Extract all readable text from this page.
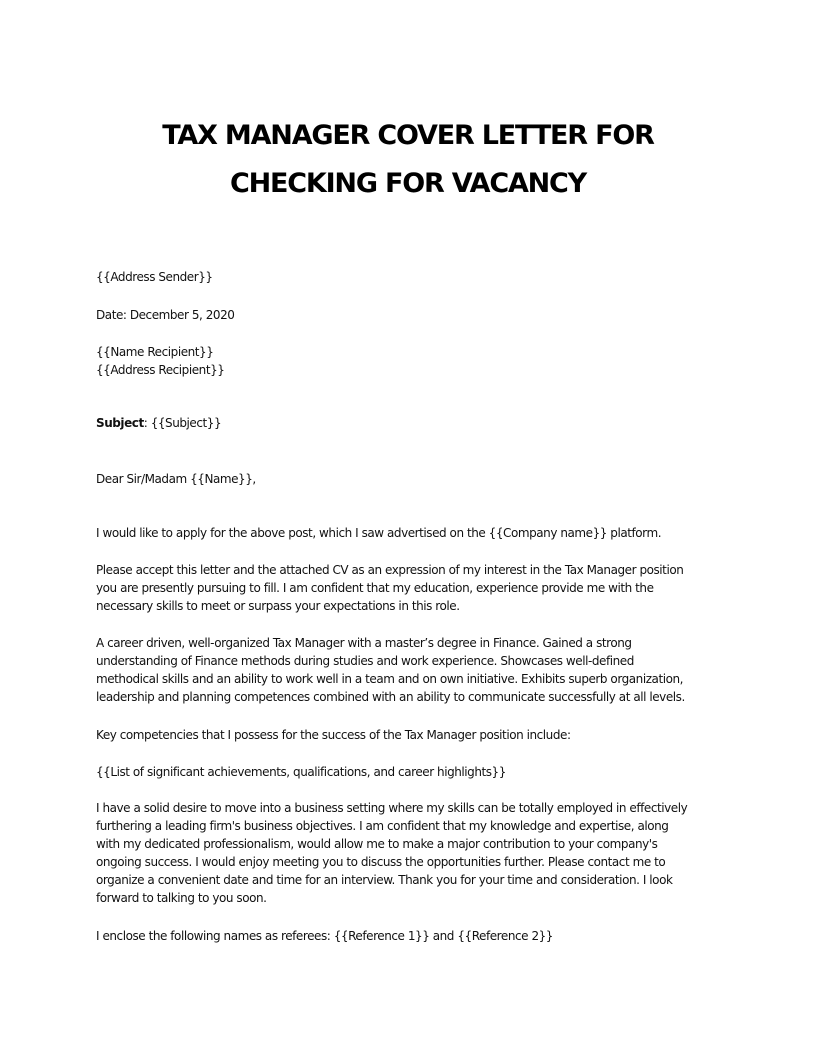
TAX MANAGER COVER LETTER FOR
CHECKING FOR VACANCY
{{Address Sender}}
Date: December 5, 2020
{{Name Recipient}}
{{Address Recipient}}
Subject: {{Subject}}
Dear Sir/Madam {{Name}},
I would like to apply for the above post, which I saw advertised on the {{Company name}} platform.
Please accept this letter and the attached CV as an expression of my interest in the Tax Manager position
you are presently pursuing to fill. I am confident that my education, experience provide me with the
necessary skills to meet or surpass your expectations in this role.
A career driven, well-organized Tax Manager with a master’s degree in Finance. Gained a strong
understanding of Finance methods during studies and work experience. Showcases well-defined
methodical skills and an ability to work well in a team and on own initiative. Exhibits superb organization,
leadership and planning competences combined with an ability to communicate successfully at all levels.
Key competencies that I possess for the success of the Tax Manager position include:
{{List of significant achievements, qualifications, and career highlights}}
I have a solid desire to move into a business setting where my skills can be totally employed in effectively
furthering a leading firm's business objectives. I am confident that my knowledge and expertise, along
with my dedicated professionalism, would allow me to make a major contribution to your company's
ongoing success. I would enjoy meeting you to discuss the opportunities further. Please contact me to
organize a convenient date and time for an interview. Thank you for your time and consideration. I look
forward to talking to you soon.
I enclose the following names as referees: {{Reference 1}} and {{Reference 2}}
